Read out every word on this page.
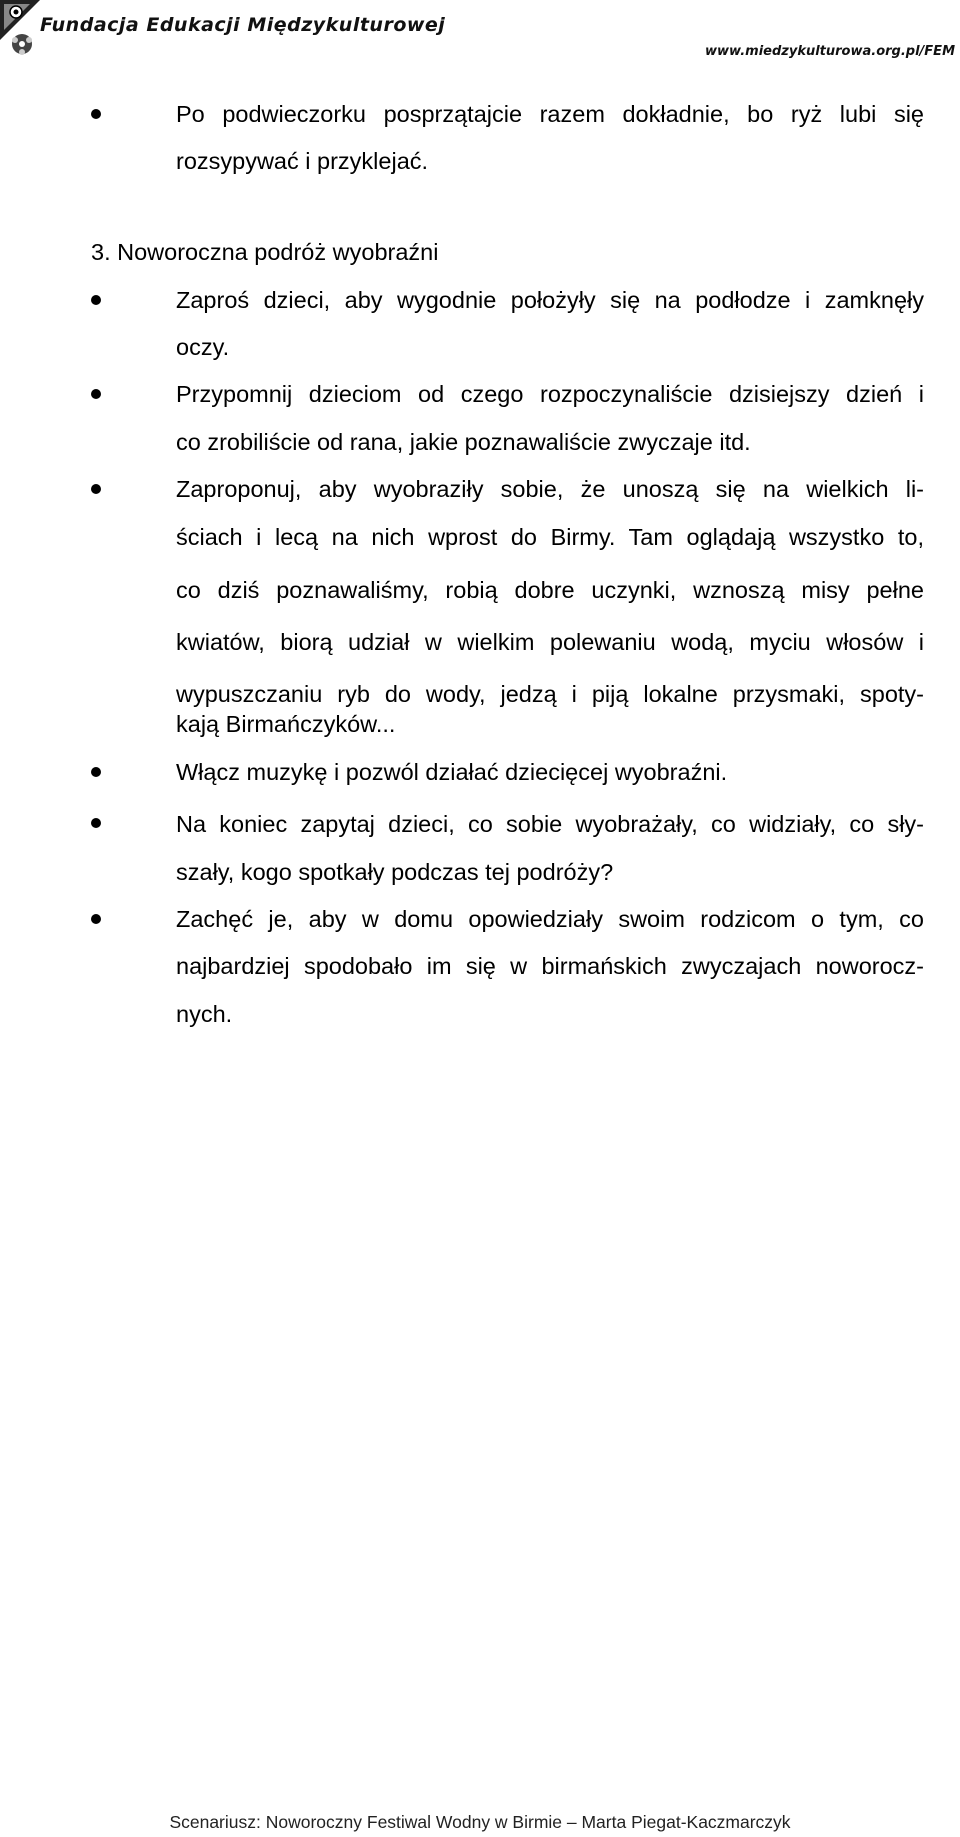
Fundacja Edukacji Międzykulturowej
www.miedzykulturowa.org.pl/FEM
Po podwieczorku posprzątajcie razem dokładnie, bo ryż lubi się
rozsypywać i przyklejać.
3. Noworoczna podróż wyobraźni
Zaproś dzieci, aby wygodnie położyły się na podłodze i zamknęły
oczy.
Przypomnij dzieciom od czego rozpoczynaliście dzisiejszy dzień i
co zrobiliście od rana, jakie poznawaliście zwyczaje itd.
Zaproponuj, aby wyobraziły sobie, że unoszą się na wielkich li-
ściach i lecą na nich wprost do Birmy. Tam oglądają wszystko to,
co dziś poznawaliśmy, robią dobre uczynki, wznoszą misy pełne
kwiatów, biorą udział w wielkim polewaniu wodą, myciu włosów i
wypuszczaniu ryb do wody, jedzą i piją lokalne przysmaki, spoty-
kają Birmańczyków...
Włącz muzykę i pozwól działać dziecięcej wyobraźni.
Na koniec zapytaj dzieci, co sobie wyobrażały, co widziały, co sły-
szały, kogo spotkały podczas tej podróży?
Zachęć je, aby w domu opowiedziały swoim rodzicom o tym, co
najbardziej spodobało im się w birmańskich zwyczajach noworocz-
nych.
Scenariusz: Noworoczny Festiwal Wodny w Birmie – Marta Piegat-Kaczmarczyk
